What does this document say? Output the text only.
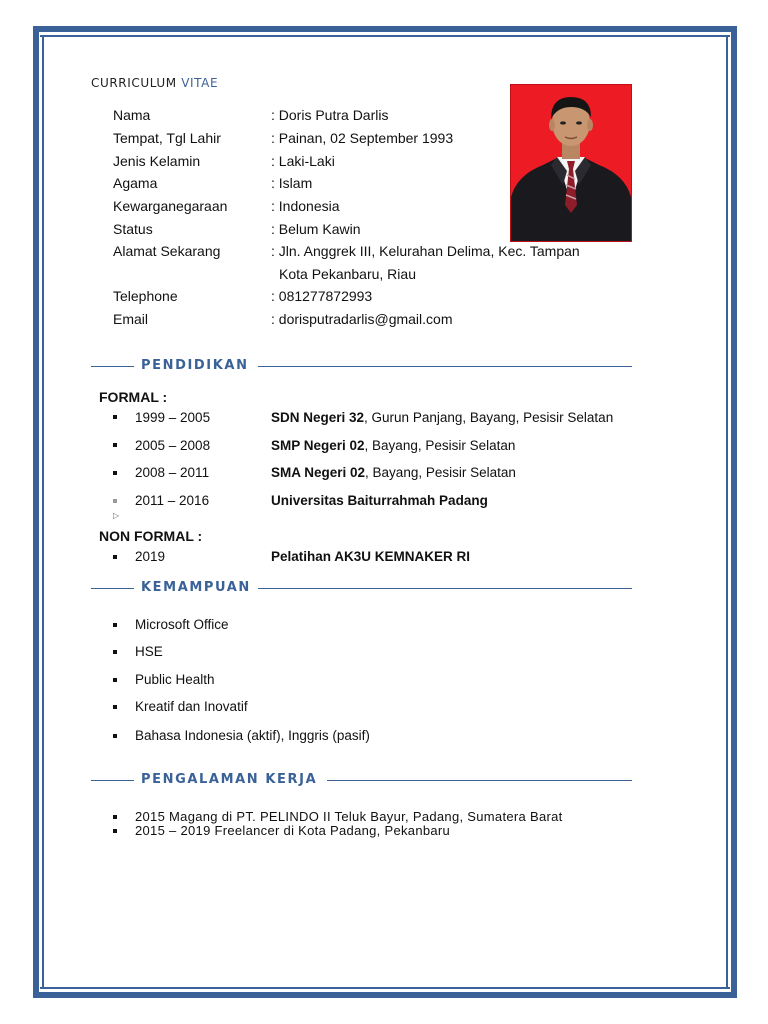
CURRICULUM VITAE
Nama	: Doris Putra Darlis
Tempat, Tgl Lahir	: Painan, 02 September 1993
Jenis Kelamin	: Laki-Laki
Agama	: Islam
Kewarganegaraan	: Indonesia
Status	: Belum Kawin
Alamat Sekarang	: Jln. Anggrek III, Kelurahan Delima, Kec. Tampan
Kota Pekanbaru, Riau
Telephone	: 081277872993
Email	: dorisputradarlis@gmail.com
PENDIDIKAN
FORMAL :
1999 – 2005	SDN Negeri 32, Gurun Panjang, Bayang, Pesisir Selatan
2005 – 2008	SMP Negeri 02, Bayang, Pesisir Selatan
2008 – 2011	SMA Negeri 02, Bayang, Pesisir Selatan
2011 – 2016	Universitas Baiturrahmah Padang
▷
NON FORMAL :
2019	Pelatihan AK3U KEMNAKER RI
KEMAMPUAN
Microsoft Office
HSE
Public Health
Kreatif dan Inovatif
Bahasa Indonesia (aktif), Inggris (pasif)
PENGALAMAN KERJA
2015 Magang di PT. PELINDO II Teluk Bayur, Padang, Sumatera Barat
2015 – 2019 Freelancer di Kota Padang, Pekanbaru
